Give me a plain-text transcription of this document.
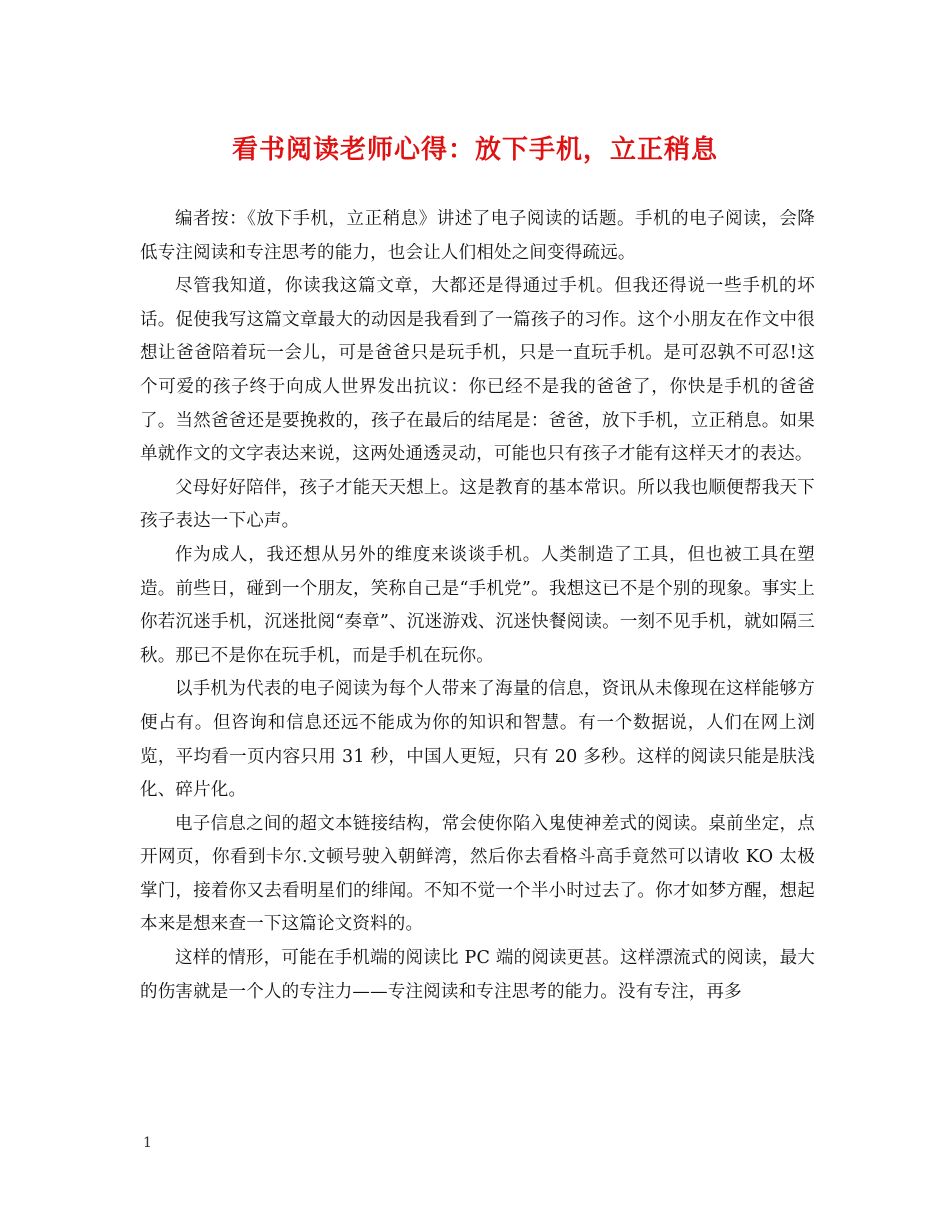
看书阅读老师心得：放下手机，立正稍息

编者按：《放下手机，立正稍息》讲述了电子阅读的话题。手机的电子阅读，会降低专注阅读和专注思考的能力，也会让人们相处之间变得疏远。

尽管我知道，你读我这篇文章，大都还是得通过手机。但我还得说一些手机的坏话。促使我写这篇文章最大的动因是我看到了一篇孩子的习作。这个小朋友在作文中很想让爸爸陪着玩一会儿，可是爸爸只是玩手机，只是一直玩手机。是可忍孰不可忍!这个可爱的孩子终于向成人世界发出抗议：你已经不是我的爸爸了，你快是手机的爸爸了。当然爸爸还是要挽救的，孩子在最后的结尾是：爸爸，放下手机，立正稍息。如果单就作文的文字表达来说，这两处通透灵动，可能也只有孩子才能有这样天才的表达。

父母好好陪伴，孩子才能天天想上。这是教育的基本常识。所以我也顺便帮我天下孩子表达一下心声。

作为成人，我还想从另外的维度来谈谈手机。人类制造了工具，但也被工具在塑造。前些日，碰到一个朋友，笑称自己是“手机党”。我想这已不是个别的现象。事实上你若沉迷手机，沉迷批阅“奏章”、沉迷游戏、沉迷快餐阅读。一刻不见手机，就如隔三秋。那已不是你在玩手机，而是手机在玩你。

以手机为代表的电子阅读为每个人带来了海量的信息，资讯从未像现在这样能够方便占有。但咨询和信息还远不能成为你的知识和智慧。有一个数据说，人们在网上浏览，平均看一页内容只用 31 秒，中国人更短，只有 20 多秒。这样的阅读只能是肤浅化、碎片化。

电子信息之间的超文本链接结构，常会使你陷入鬼使神差式的阅读。桌前坐定，点开网页，你看到卡尔.文顿号驶入朝鲜湾，然后你去看格斗高手竟然可以请收 KO 太极掌门，接着你又去看明星们的绯闻。不知不觉一个半小时过去了。你才如梦方醒，想起本来是想来查一下这篇论文资料的。

这样的情形，可能在手机端的阅读比 PC 端的阅读更甚。这样漂流式的阅读，最大的伤害就是一个人的专注力——专注阅读和专注思考的能力。没有专注，再多

1
